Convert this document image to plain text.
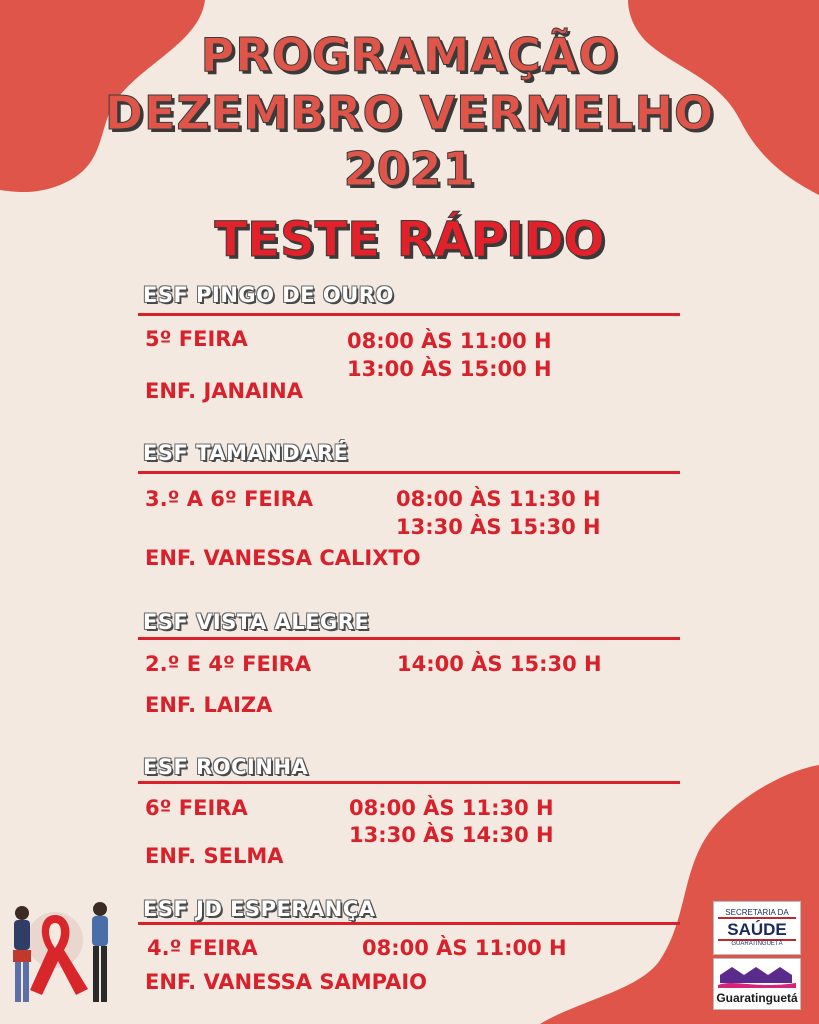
PROGRAMAÇÃO
DEZEMBRO VERMELHO
2021
TESTE RÁPIDO
ESF PINGO DE OURO
5º FEIRA	08:00 ÀS 11:00 H
13:00 ÀS 15:00 H
ENF. JANAINA
ESF TAMANDARÉ
3.º A 6º FEIRA	08:00 ÀS 11:30 H
13:30 ÀS 15:30 H
ENF. VANESSA CALIXTO
ESF VISTA ALEGRE
2.º E 4º FEIRA	14:00 ÀS 15:30 H
ENF. LAIZA
ESF ROCINHA
6º FEIRA	08:00 ÀS 11:30 H
13:30 ÀS 14:30 H
ENF. SELMA
ESF JD ESPERANÇA
4.º FEIRA	08:00 ÀS 11:00 H
ENF. VANESSA SAMPAIO
SECRETARIA DA
SAÚDE
GUARATINGUETÁ
Guaratinguetá
